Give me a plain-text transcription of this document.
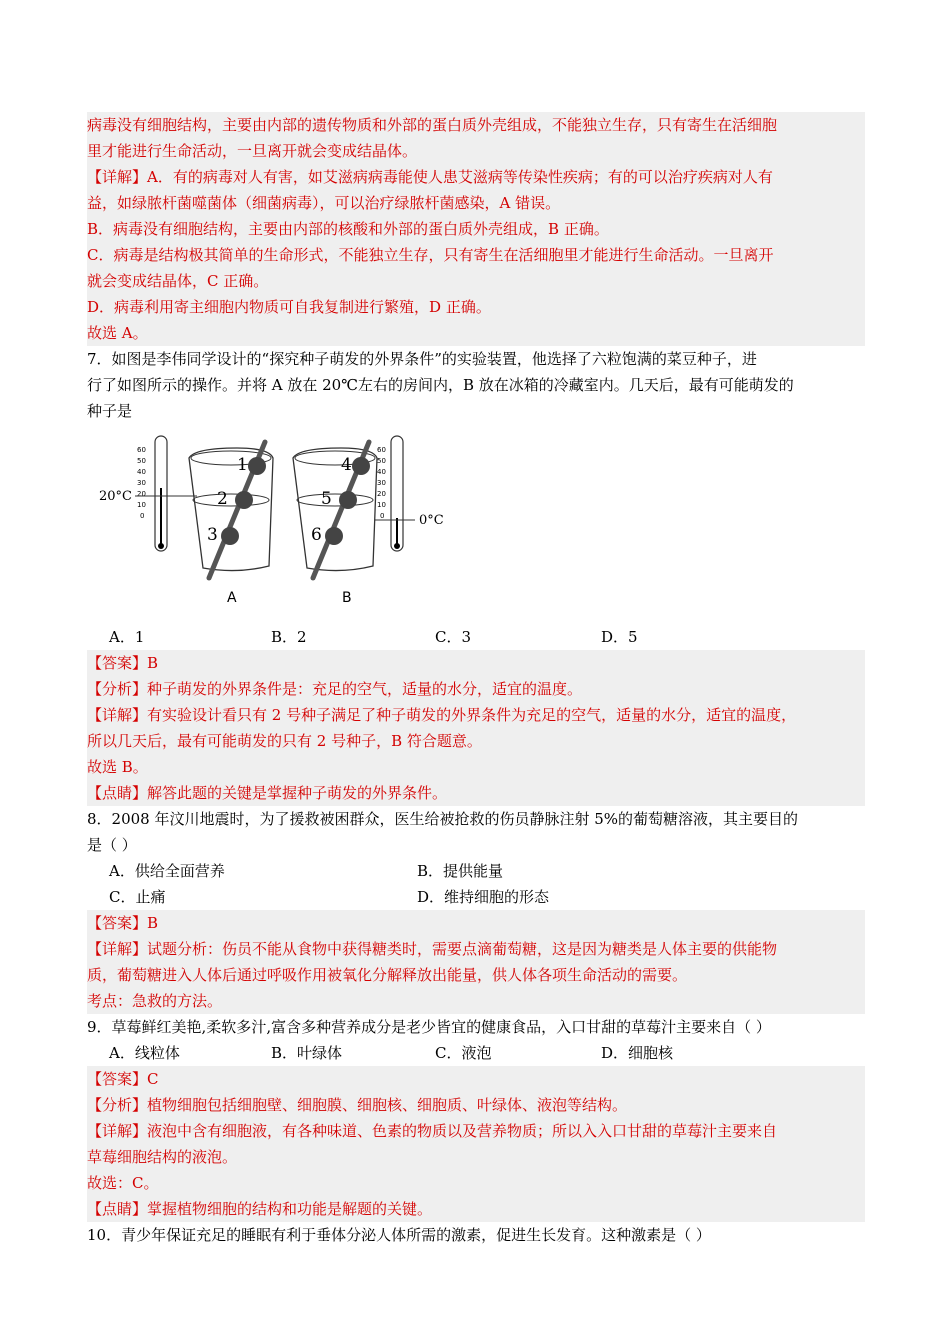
病毒没有细胞结构，主要由内部的遗传物质和外部的蛋白质外壳组成，不能独立生存，只有寄生在活细胞
里才能进行生命活动，一旦离开就会变成结晶体。
【详解】A．有的病毒对人有害，如艾滋病病毒能使人患艾滋病等传染性疾病；有的可以治疗疾病对人有
益，如绿脓杆菌噬菌体（细菌病毒），可以治疗绿脓杆菌感染，A 错误。
B．病毒没有细胞结构，主要由内部的核酸和外部的蛋白质外壳组成，B 正确。
C．病毒是结构极其简单的生命形式，不能独立生存，只有寄生在活细胞里才能进行生命活动。一旦离开
就会变成结晶体，C 正确。
D．病毒利用寄主细胞内物质可自我复制进行繁殖，D 正确。
故选 A。
7．如图是李伟同学设计的“探究种子萌发的外界条件”的实验装置，他选择了六粒饱满的菜豆种子，进
行了如图所示的操作。并将 A 放在 20℃左右的房间内，B 放在冰箱的冷藏室内。几天后，最有可能萌发的
种子是
60
50
40
30
20
10
0
20°C
1
2
3
A
4
5
6
B
60
50
40
30
20
10
0	0°C
A．1	B．2	C．3	D．5
【答案】B
【分析】种子萌发的外界条件是：充足的空气，适量的水分，适宜的温度。
【详解】有实验设计看只有 2 号种子满足了种子萌发的外界条件为充足的空气，适量的水分，适宜的温度，
所以几天后，最有可能萌发的只有 2 号种子，B 符合题意。
故选 B。
【点睛】解答此题的关键是掌握种子萌发的外界条件。
8．2008 年汶川地震时，为了援救被困群众，医生给被抢救的伤员静脉注射 5%的葡萄糖溶液，其主要目的
是（ ）
A．供给全面营养	B．提供能量
C．止痛	D．维持细胞的形态
【答案】B
【详解】试题分析：伤员不能从食物中获得糖类时，需要点滴葡萄糖，这是因为糖类是人体主要的供能物
质，葡萄糖进入人体后通过呼吸作用被氧化分解释放出能量，供人体各项生命活动的需要。
考点：急救的方法。
9．草莓鲜红美艳,柔软多汁,富含多种营养成分是老少皆宜的健康食品，入口甘甜的草莓汁主要来自（ ）
A．线粒体	B．叶绿体	C．液泡	D．细胞核
【答案】C
【分析】植物细胞包括细胞壁、细胞膜、细胞核、细胞质、叶绿体、液泡等结构。
【详解】液泡中含有细胞液，有各种味道、色素的物质以及营养物质；所以入入口甘甜的草莓汁主要来自
草莓细胞结构的液泡。
故选：C。
【点睛】掌握植物细胞的结构和功能是解题的关键。
10．青少年保证充足的睡眠有利于垂体分泌人体所需的激素，促进生长发育。这种激素是（ ）
